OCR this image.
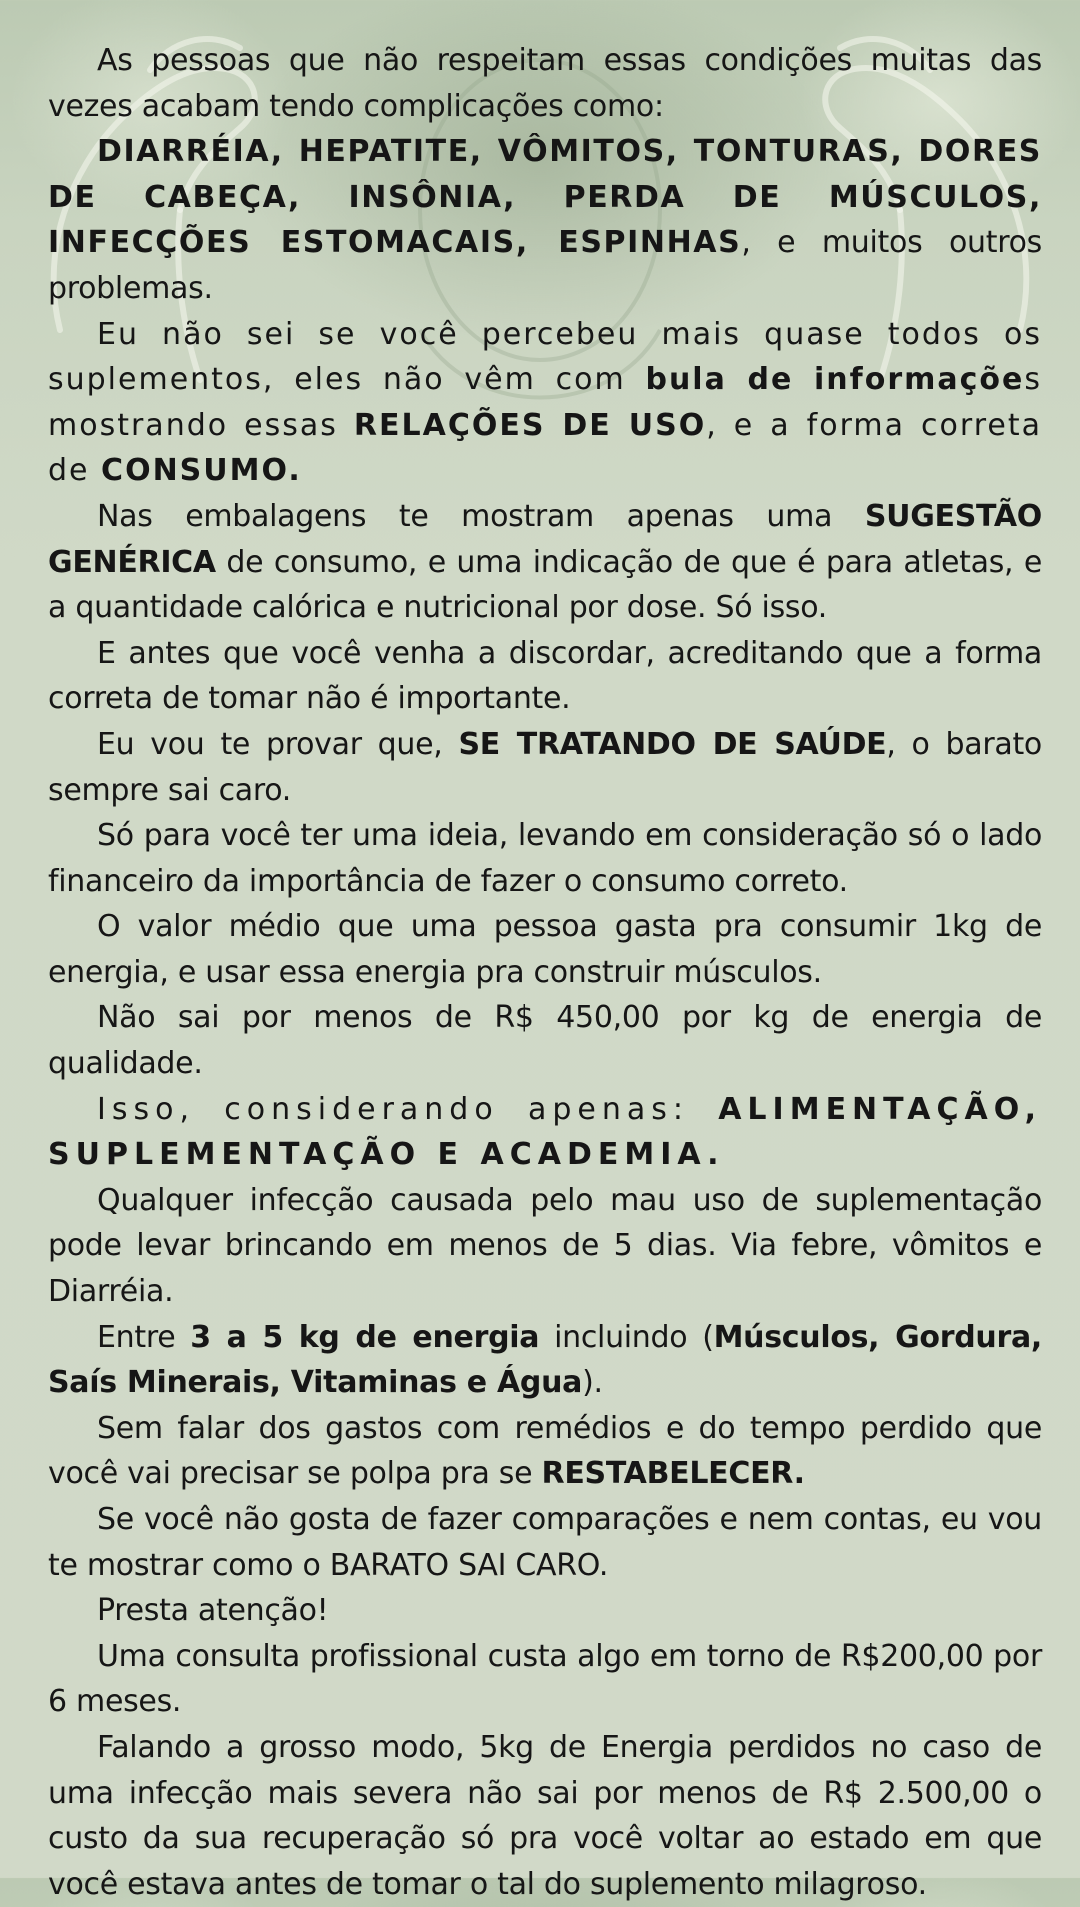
As pessoas que não respeitam essas condições muitas das vezes acabam tendo complicações como:

DIARRÉIA, HEPATITE, VÔMITOS, TONTURAS, DORES DE CABEÇA, INSÔNIA, PERDA DE MÚSCULOS, INFECÇÕES ESTOMACAIS, ESPINHAS, e muitos outros problemas.

Eu não sei se você percebeu mais quase todos os suplementos, eles não vêm com bula de informações mostrando essas RELAÇÕES DE USO, e a forma correta de CONSUMO.

Nas embalagens te mostram apenas uma SUGESTÃO GENÉRICA de consumo, e uma indicação de que é para atletas, e a quantidade calórica e nutricional por dose. Só isso.

E antes que você venha a discordar, acreditando que a forma correta de tomar não é importante.

Eu vou te provar que, SE TRATANDO DE SAÚDE, o barato sempre sai caro.

Só para você ter uma ideia, levando em consideração só o lado financeiro da importância de fazer o consumo correto.

O valor médio que uma pessoa gasta pra consumir 1kg de energia, e usar essa energia pra construir músculos.

Não sai por menos de R$ 450,00 por kg de energia de qualidade.

Isso, considerando apenas: ALIMENTAÇÃO, SUPLEMENTAÇÃO E ACADEMIA.

Qualquer infecção causada pelo mau uso de suplementação pode levar brincando em menos de 5 dias. Via febre, vômitos e Diarréia.

Entre 3 a 5 kg de energia incluindo (Músculos, Gordura, Saís Minerais, Vitaminas e Água).

Sem falar dos gastos com remédios e do tempo perdido que você vai precisar se polpa pra se RESTABELECER.

Se você não gosta de fazer comparações e nem contas, eu vou te mostrar como o BARATO SAI CARO.

Presta atenção!

Uma consulta profissional custa algo em torno de R$200,00 por 6 meses.

Falando a grosso modo, 5kg de Energia perdidos no caso de uma infecção mais severa não sai por menos de R$ 2.500,00 o custo da sua recuperação só pra você voltar ao estado em que você estava antes de tomar o tal do suplemento milagroso.
